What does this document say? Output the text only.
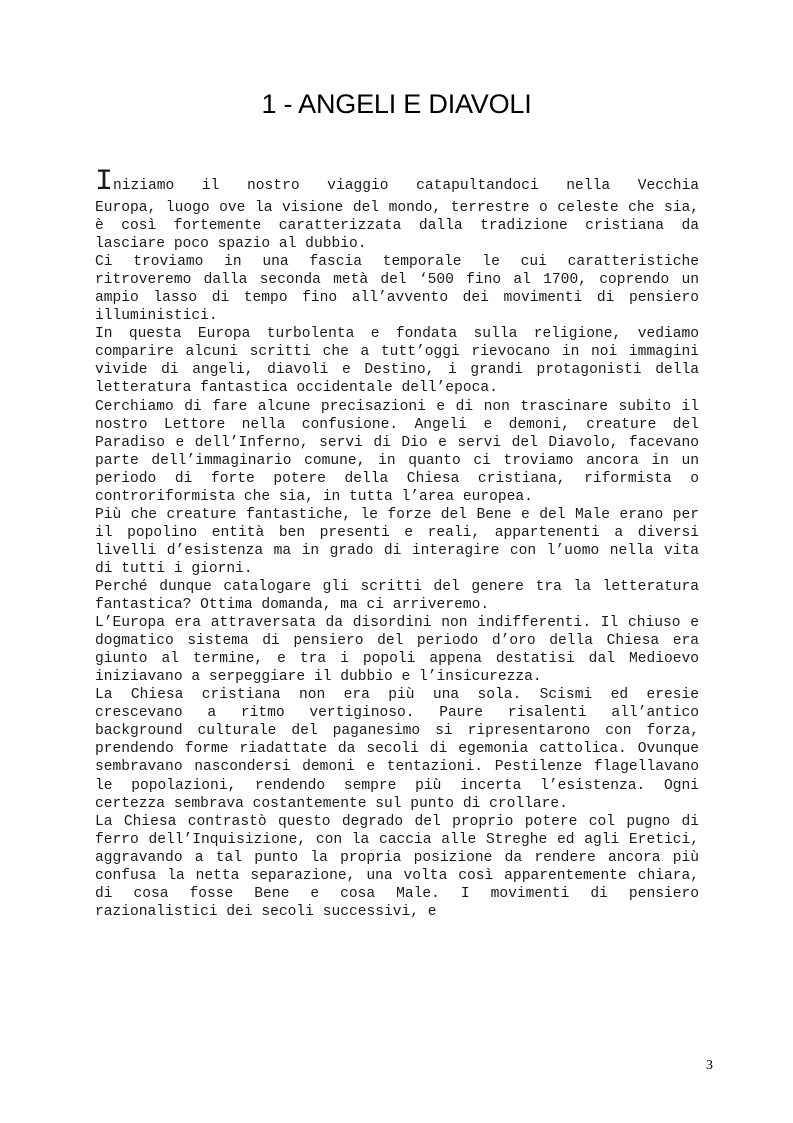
1 - ANGELI E DIAVOLI
Iniziamo il nostro viaggio catapultandoci nella Vecchia

Europa, luogo ove la visione del mondo, terrestre o celeste che sia, è così fortemente caratterizzata dalla tradizione cristiana da lasciare poco spazio al dubbio.

Ci troviamo in una fascia temporale le cui caratteristiche ritroveremo dalla seconda metà del ‘500 fino al 1700, coprendo un ampio lasso di tempo fino all’avvento dei movimenti di pensiero illuministici.

In questa Europa turbolenta e fondata sulla religione, vediamo comparire alcuni scritti che a tutt’oggi rievocano in noi immagini vivide di angeli, diavoli e Destino, i grandi protagonisti della letteratura fantastica occidentale dell’epoca.

Cerchiamo di fare alcune precisazioni e di non trascinare subito il nostro Lettore nella confusione. Angeli e demoni, creature del Paradiso e dell’Inferno, servi di Dio e servi del Diavolo, facevano parte dell’immaginario comune, in quanto ci troviamo ancora in un periodo di forte potere della Chiesa cristiana, riformista o controriformista che sia, in tutta l’area europea.

Più che creature fantastiche, le forze del Bene e del Male erano per il popolino entità ben presenti e reali, appartenenti a diversi livelli d’esistenza ma in grado di interagire con l’uomo nella vita di tutti i giorni.

Perché dunque catalogare gli scritti del genere tra la letteratura fantastica? Ottima domanda, ma ci arriveremo.

L’Europa era attraversata da disordini non indifferenti. Il chiuso e dogmatico sistema di pensiero del periodo d’oro della Chiesa era giunto al termine, e tra i popoli appena destatisi dal Medioevo iniziavano a serpeggiare il dubbio e l’insicurezza.

La Chiesa cristiana non era più una sola. Scismi ed eresie crescevano a ritmo vertiginoso. Paure risalenti all’antico background culturale del paganesimo si ripresentarono con forza, prendendo forme riadattate da secoli di egemonia cattolica. Ovunque sembravano nascondersi demoni e tentazioni. Pestilenze flagellavano le popolazioni, rendendo sempre più incerta l’esistenza. Ogni certezza sembrava costantemente sul punto di crollare.

La Chiesa contrastò questo degrado del proprio potere col pugno di ferro dell’Inquisizione, con la caccia alle Streghe ed agli Eretici, aggravando a tal punto la propria posizione da rendere ancora più confusa la netta separazione, una volta così apparentemente chiara, di cosa fosse Bene e cosa Male. I movimenti di pensiero razionalistici dei secoli successivi, e

3
